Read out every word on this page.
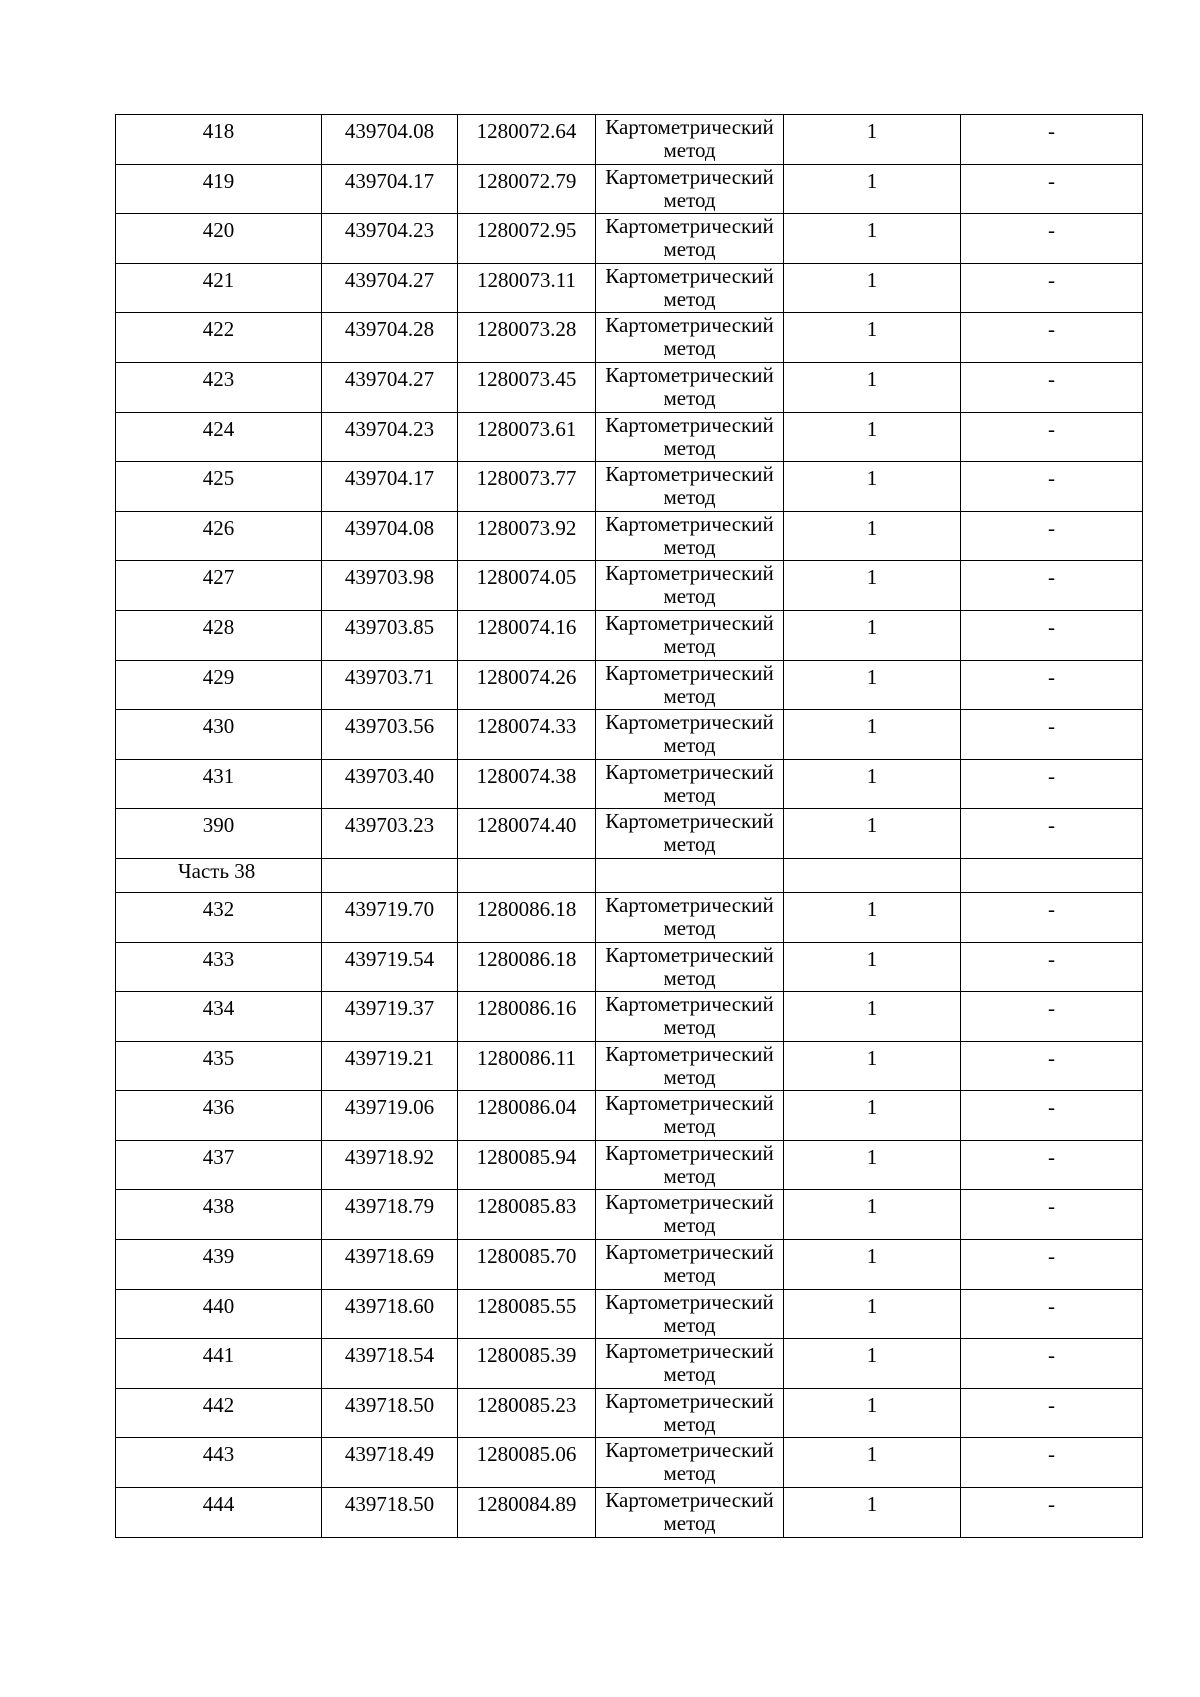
418	439704.08	1280072.64	Картометрический
метод	1	-

419	439704.17	1280072.79	Картометрический
метод	1	-

420	439704.23	1280072.95	Картометрический
метод	1	-

421	439704.27	1280073.11	Картометрический
метод	1	-

422	439704.28	1280073.28	Картометрический
метод	1	-

423	439704.27	1280073.45	Картометрический
метод	1	-

424	439704.23	1280073.61	Картометрический
метод	1	-

425	439704.17	1280073.77	Картометрический
метод	1	-

426	439704.08	1280073.92	Картометрический
метод	1	-

427	439703.98	1280074.05	Картометрический
метод	1	-

428	439703.85	1280074.16	Картометрический
метод	1	-

429	439703.71	1280074.26	Картометрический
метод	1	-

430	439703.56	1280074.33	Картометрический
метод	1	-

431	439703.40	1280074.38	Картометрический
метод	1	-

390	439703.23	1280074.40	Картометрический
метод	1	-

Часть 38					

432	439719.70	1280086.18	Картометрический
метод	1	-

433	439719.54	1280086.18	Картометрический
метод	1	-

434	439719.37	1280086.16	Картометрический
метод	1	-

435	439719.21	1280086.11	Картометрический
метод	1	-

436	439719.06	1280086.04	Картометрический
метод	1	-

437	439718.92	1280085.94	Картометрический
метод	1	-

438	439718.79	1280085.83	Картометрический
метод	1	-

439	439718.69	1280085.70	Картометрический
метод	1	-

440	439718.60	1280085.55	Картометрический
метод	1	-

441	439718.54	1280085.39	Картометрический
метод	1	-

442	439718.50	1280085.23	Картометрический
метод	1	-

443	439718.49	1280085.06	Картометрический
метод	1	-

444	439718.50	1280084.89	Картометрический
метод	1	-
